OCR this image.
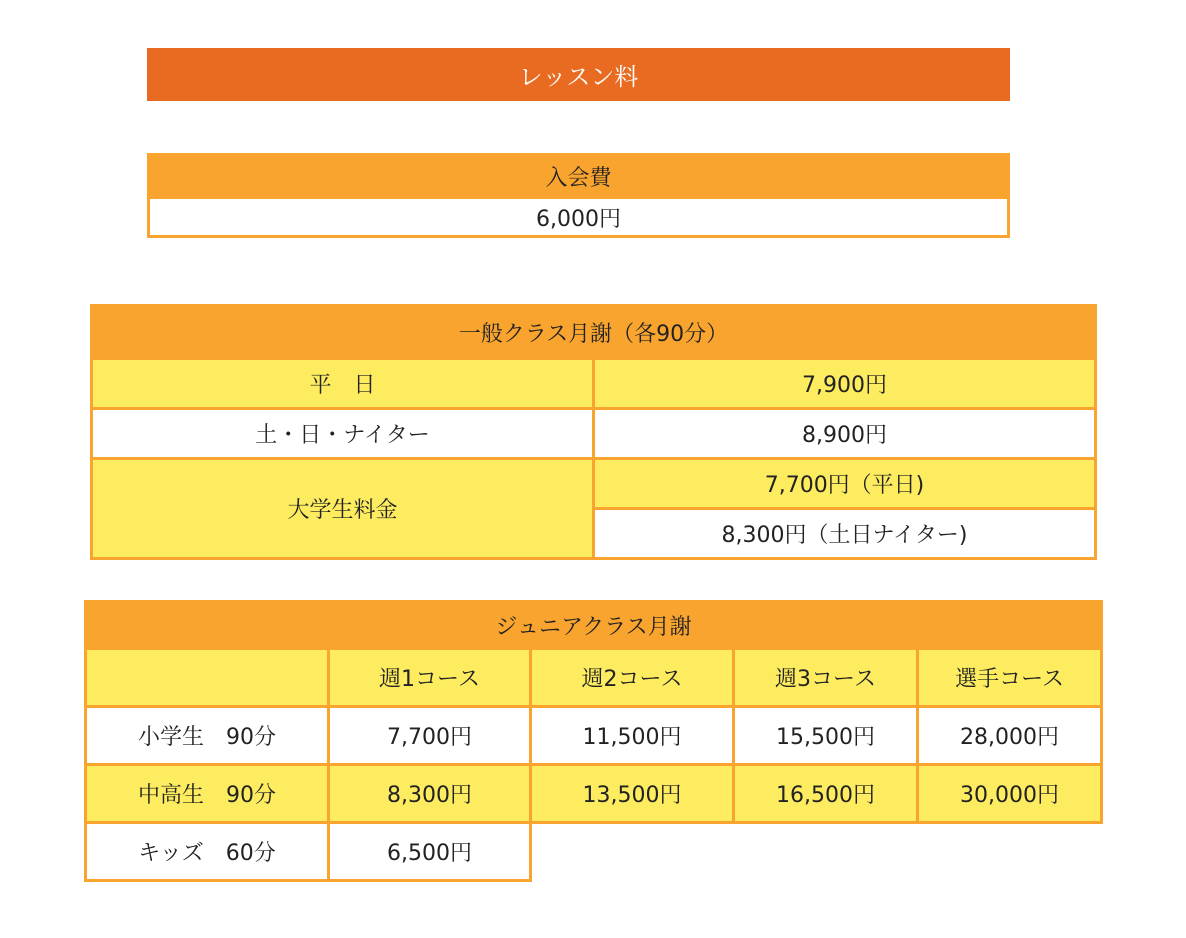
レッスン料
入会費
6,000円
一般クラス月謝（各90分）	
平　日	7,900円
土・日・ナイター	8,900円
大学生料金	7,700円（平日)
	8,300円（土日ナイター)
ジュニアクラス月謝				
	週1コース	週2コース	週3コース	選手コース
小学生　90分	7,700円	11,500円	15,500円	28,000円
中高生　90分	8,300円	13,500円	16,500円	30,000円
キッズ　60分	6,500円			
